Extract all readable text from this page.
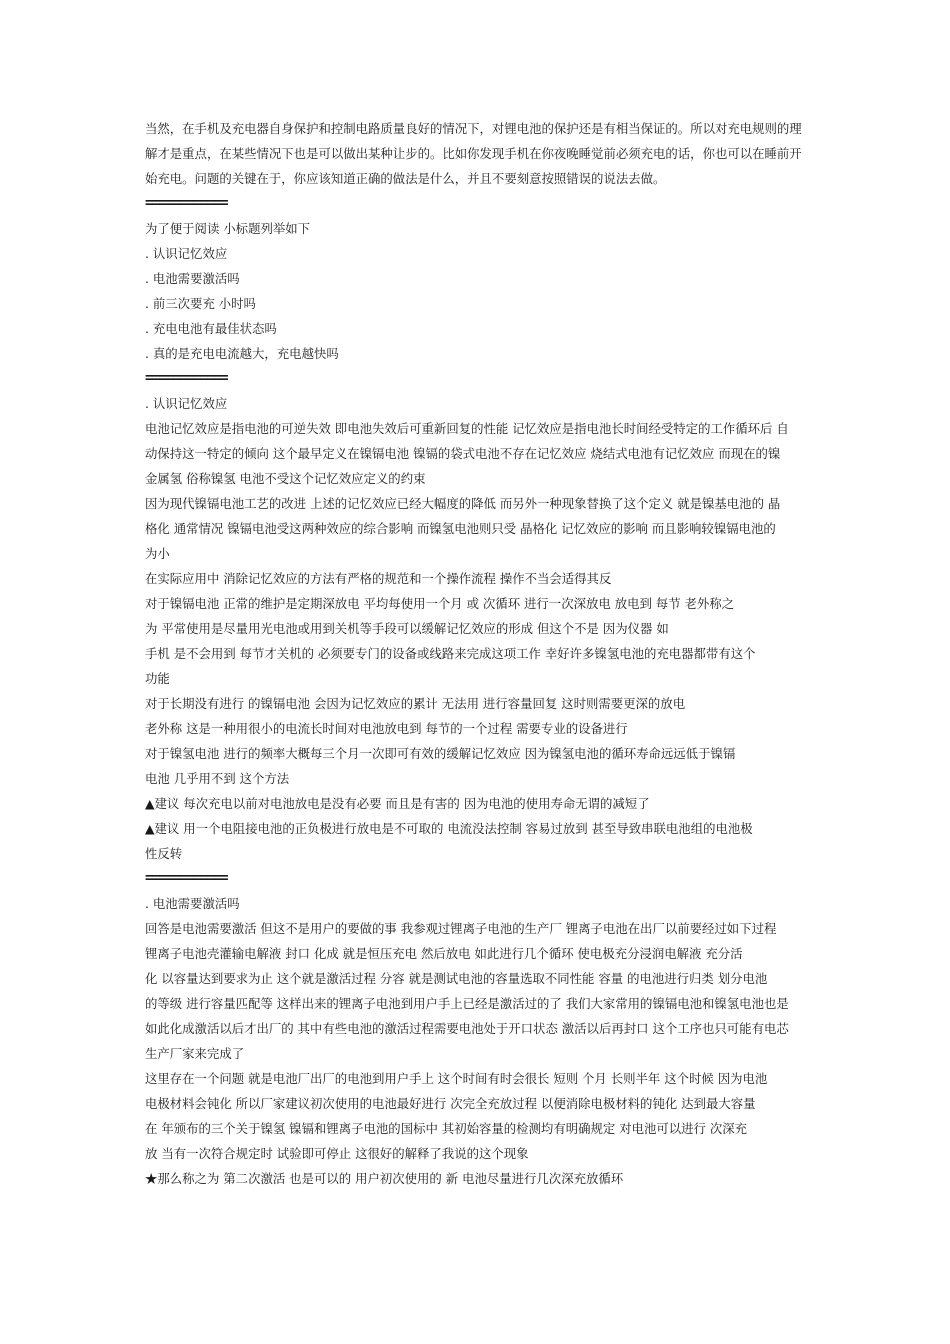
当然，在手机及充电器自身保护和控制电路质量良好的情况下，对锂电池的保护还是有相当保证的。所以对充电规则的理
解才是重点，在某些情况下也是可以做出某种让步的。比如你发现手机在你夜晚睡觉前必须充电的话，你也可以在睡前开
始充电。问题的关键在于，你应该知道正确的做法是什么，并且不要刻意按照错误的说法去做。
============
为了便于阅读 小标题列举如下
. 认识记忆效应
. 电池需要激活吗
. 前三次要充 小时吗
. 充电电池有最佳状态吗
. 真的是充电电流越大，充电越快吗
============
. 认识记忆效应
电池记忆效应是指电池的可逆失效 即电池失效后可重新回复的性能 记忆效应是指电池长时间经受特定的工作循环后 自
动保持这一特定的倾向 这个最早定义在镍镉电池 镍镉的袋式电池不存在记忆效应 烧结式电池有记忆效应 而现在的镍
金属氢 俗称镍氢 电池不受这个记忆效应定义的约束
因为现代镍镉电池工艺的改进 上述的记忆效应已经大幅度的降低 而另外一种现象替换了这个定义 就是镍基电池的 晶
格化 通常情况 镍镉电池受这两种效应的综合影响 而镍氢电池则只受 晶格化 记忆效应的影响 而且影响较镍镉电池的
为小
在实际应用中 消除记忆效应的方法有严格的规范和一个操作流程 操作不当会适得其反
对于镍镉电池 正常的维护是定期深放电 平均每使用一个月 或 次循环 进行一次深放电 放电到 每节 老外称之
为 平常使用是尽量用光电池或用到关机等手段可以缓解记忆效应的形成 但这个不是 因为仪器 如
手机 是不会用到 每节才关机的 必须要专门的设备或线路来完成这项工作 幸好许多镍氢电池的充电器都带有这个
功能
对于长期没有进行 的镍镉电池 会因为记忆效应的累计 无法用 进行容量回复 这时则需要更深的放电
老外称 这是一种用很小的电流长时间对电池放电到 每节的一个过程 需要专业的设备进行
对于镍氢电池 进行的频率大概每三个月一次即可有效的缓解记忆效应 因为镍氢电池的循环寿命远远低于镍镉
电池 几乎用不到 这个方法
▲建议 每次充电以前对电池放电是没有必要 而且是有害的 因为电池的使用寿命无谓的减短了
▲建议 用一个电阻接电池的正负极进行放电是不可取的 电流没法控制 容易过放到 甚至导致串联电池组的电池极
性反转
============
. 电池需要激活吗
回答是电池需要激活 但这不是用户的要做的事 我参观过锂离子电池的生产厂 锂离子电池在出厂以前要经过如下过程
锂离子电池壳灌输电解液 封口 化成 就是恒压充电 然后放电 如此进行几个循环 使电极充分浸润电解液 充分活
化 以容量达到要求为止 这个就是激活过程 分容 就是测试电池的容量选取不同性能 容量 的电池进行归类 划分电池
的等级 进行容量匹配等 这样出来的锂离子电池到用户手上已经是激活过的了 我们大家常用的镍镉电池和镍氢电池也是
如此化成激活以后才出厂的 其中有些电池的激活过程需要电池处于开口状态 激活以后再封口 这个工序也只可能有电芯
生产厂家来完成了
这里存在一个问题 就是电池厂出厂的电池到用户手上 这个时间有时会很长 短则 个月 长则半年 这个时候 因为电池
电极材料会钝化 所以厂家建议初次使用的电池最好进行 次完全充放过程 以便消除电极材料的钝化 达到最大容量
在 年颁布的三个关于镍氢 镍镉和锂离子电池的国标中 其初始容量的检测均有明确规定 对电池可以进行 次深充
放 当有一次符合规定时 试验即可停止 这很好的解释了我说的这个现象
★那么称之为 第二次激活 也是可以的 用户初次使用的 新 电池尽量进行几次深充放循环
